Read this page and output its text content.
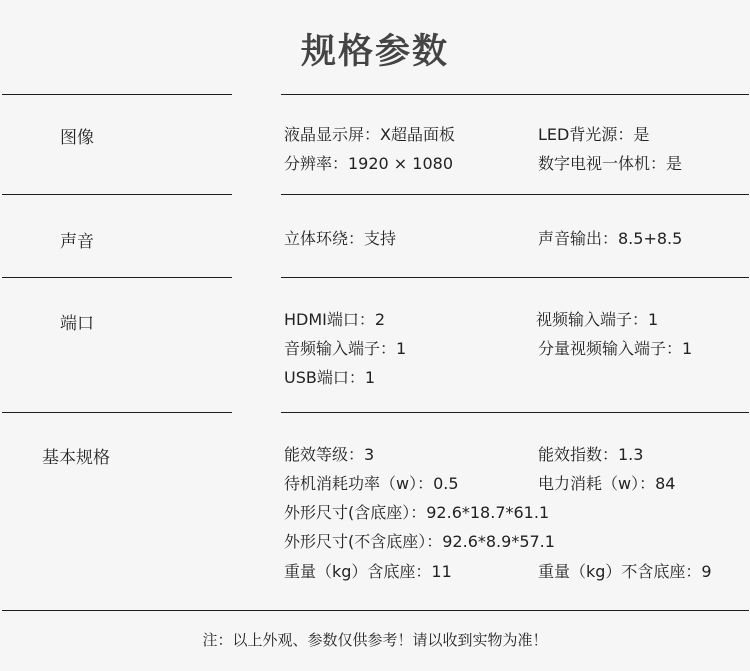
规格参数
图像	液晶显示屏：X超晶面板	LED背光源：是
分辨率：1920 × 1080	数字电视一体机：是
声音	立体环绕：支持	声音输出：8.5+8.5
端口	HDMI端口：2	视频输入端子：1
音频输入端子：1	分量视频输入端子：1
USB端口：1
基本规格	能效等级：3	能效指数：1.3
待机消耗功率（w）：0.5	电力消耗（w）：84
外形尺寸(含底座）：92.6*18.7*61.1
外形尺寸(不含底座）：92.6*8.9*57.1
重量（kg）含底座：11	重量（kg）不含底座：9
注：以上外观、参数仅供参考！请以收到实物为准！
